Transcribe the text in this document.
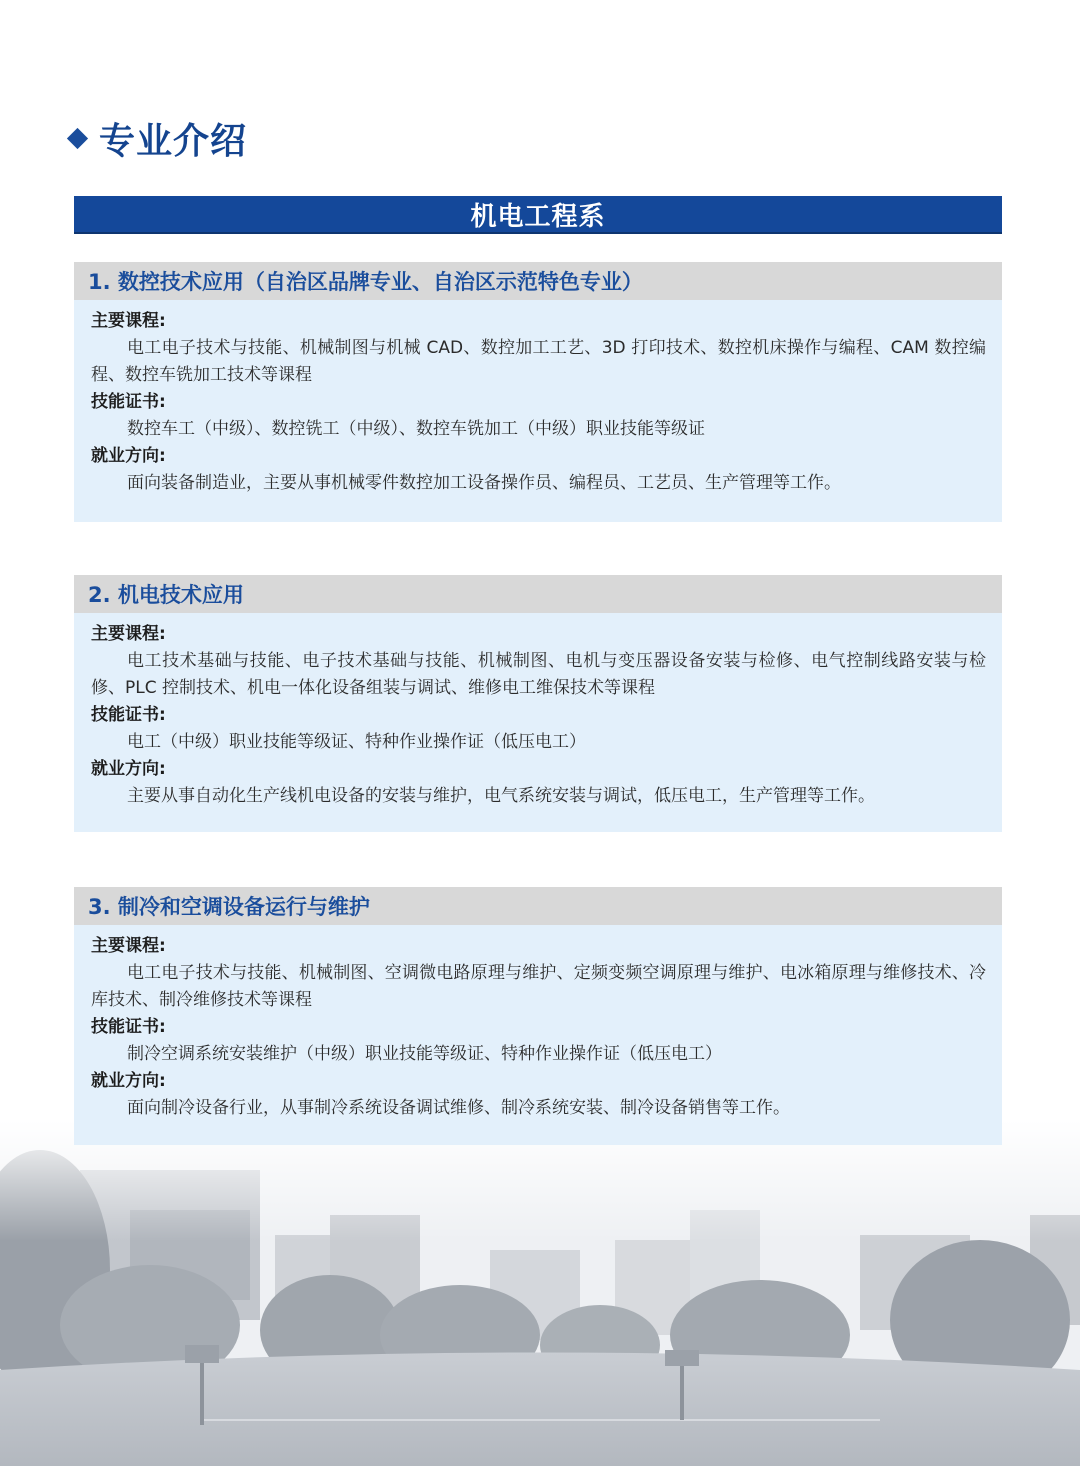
专业介绍
机电工程系
1. 数控技术应用（自治区品牌专业、自治区示范特色专业）
主要课程:

电工电子技术与技能、机械制图与机械 CAD、数控加工工艺、3D 打印技术、数控机床操作与编程、CAM 数控编程、数控车铣加工技术等课程

技能证书:

数控车工（中级）、数控铣工（中级）、数控车铣加工（中级）职业技能等级证

就业方向:

面向装备制造业，主要从事机械零件数控加工设备操作员、编程员、工艺员、生产管理等工作。

2. 机电技术应用
主要课程:

电工技术基础与技能、电子技术基础与技能、机械制图、电机与变压器设备安装与检修、电气控制线路安装与检修、PLC 控制技术、机电一体化设备组装与调试、维修电工维保技术等课程

技能证书:

电工（中级）职业技能等级证、特种作业操作证（低压电工）

就业方向:

主要从事自动化生产线机电设备的安装与维护，电气系统安装与调试，低压电工，生产管理等工作。

3. 制冷和空调设备运行与维护
主要课程:

电工电子技术与技能、机械制图、空调微电路原理与维护、定频变频空调原理与维护、电冰箱原理与维修技术、冷库技术、制冷维修技术等课程

技能证书:

制冷空调系统安装维护（中级）职业技能等级证、特种作业操作证（低压电工）

就业方向:

面向制冷设备行业，从事制冷系统设备调试维修、制冷系统安装、制冷设备销售等工作。
